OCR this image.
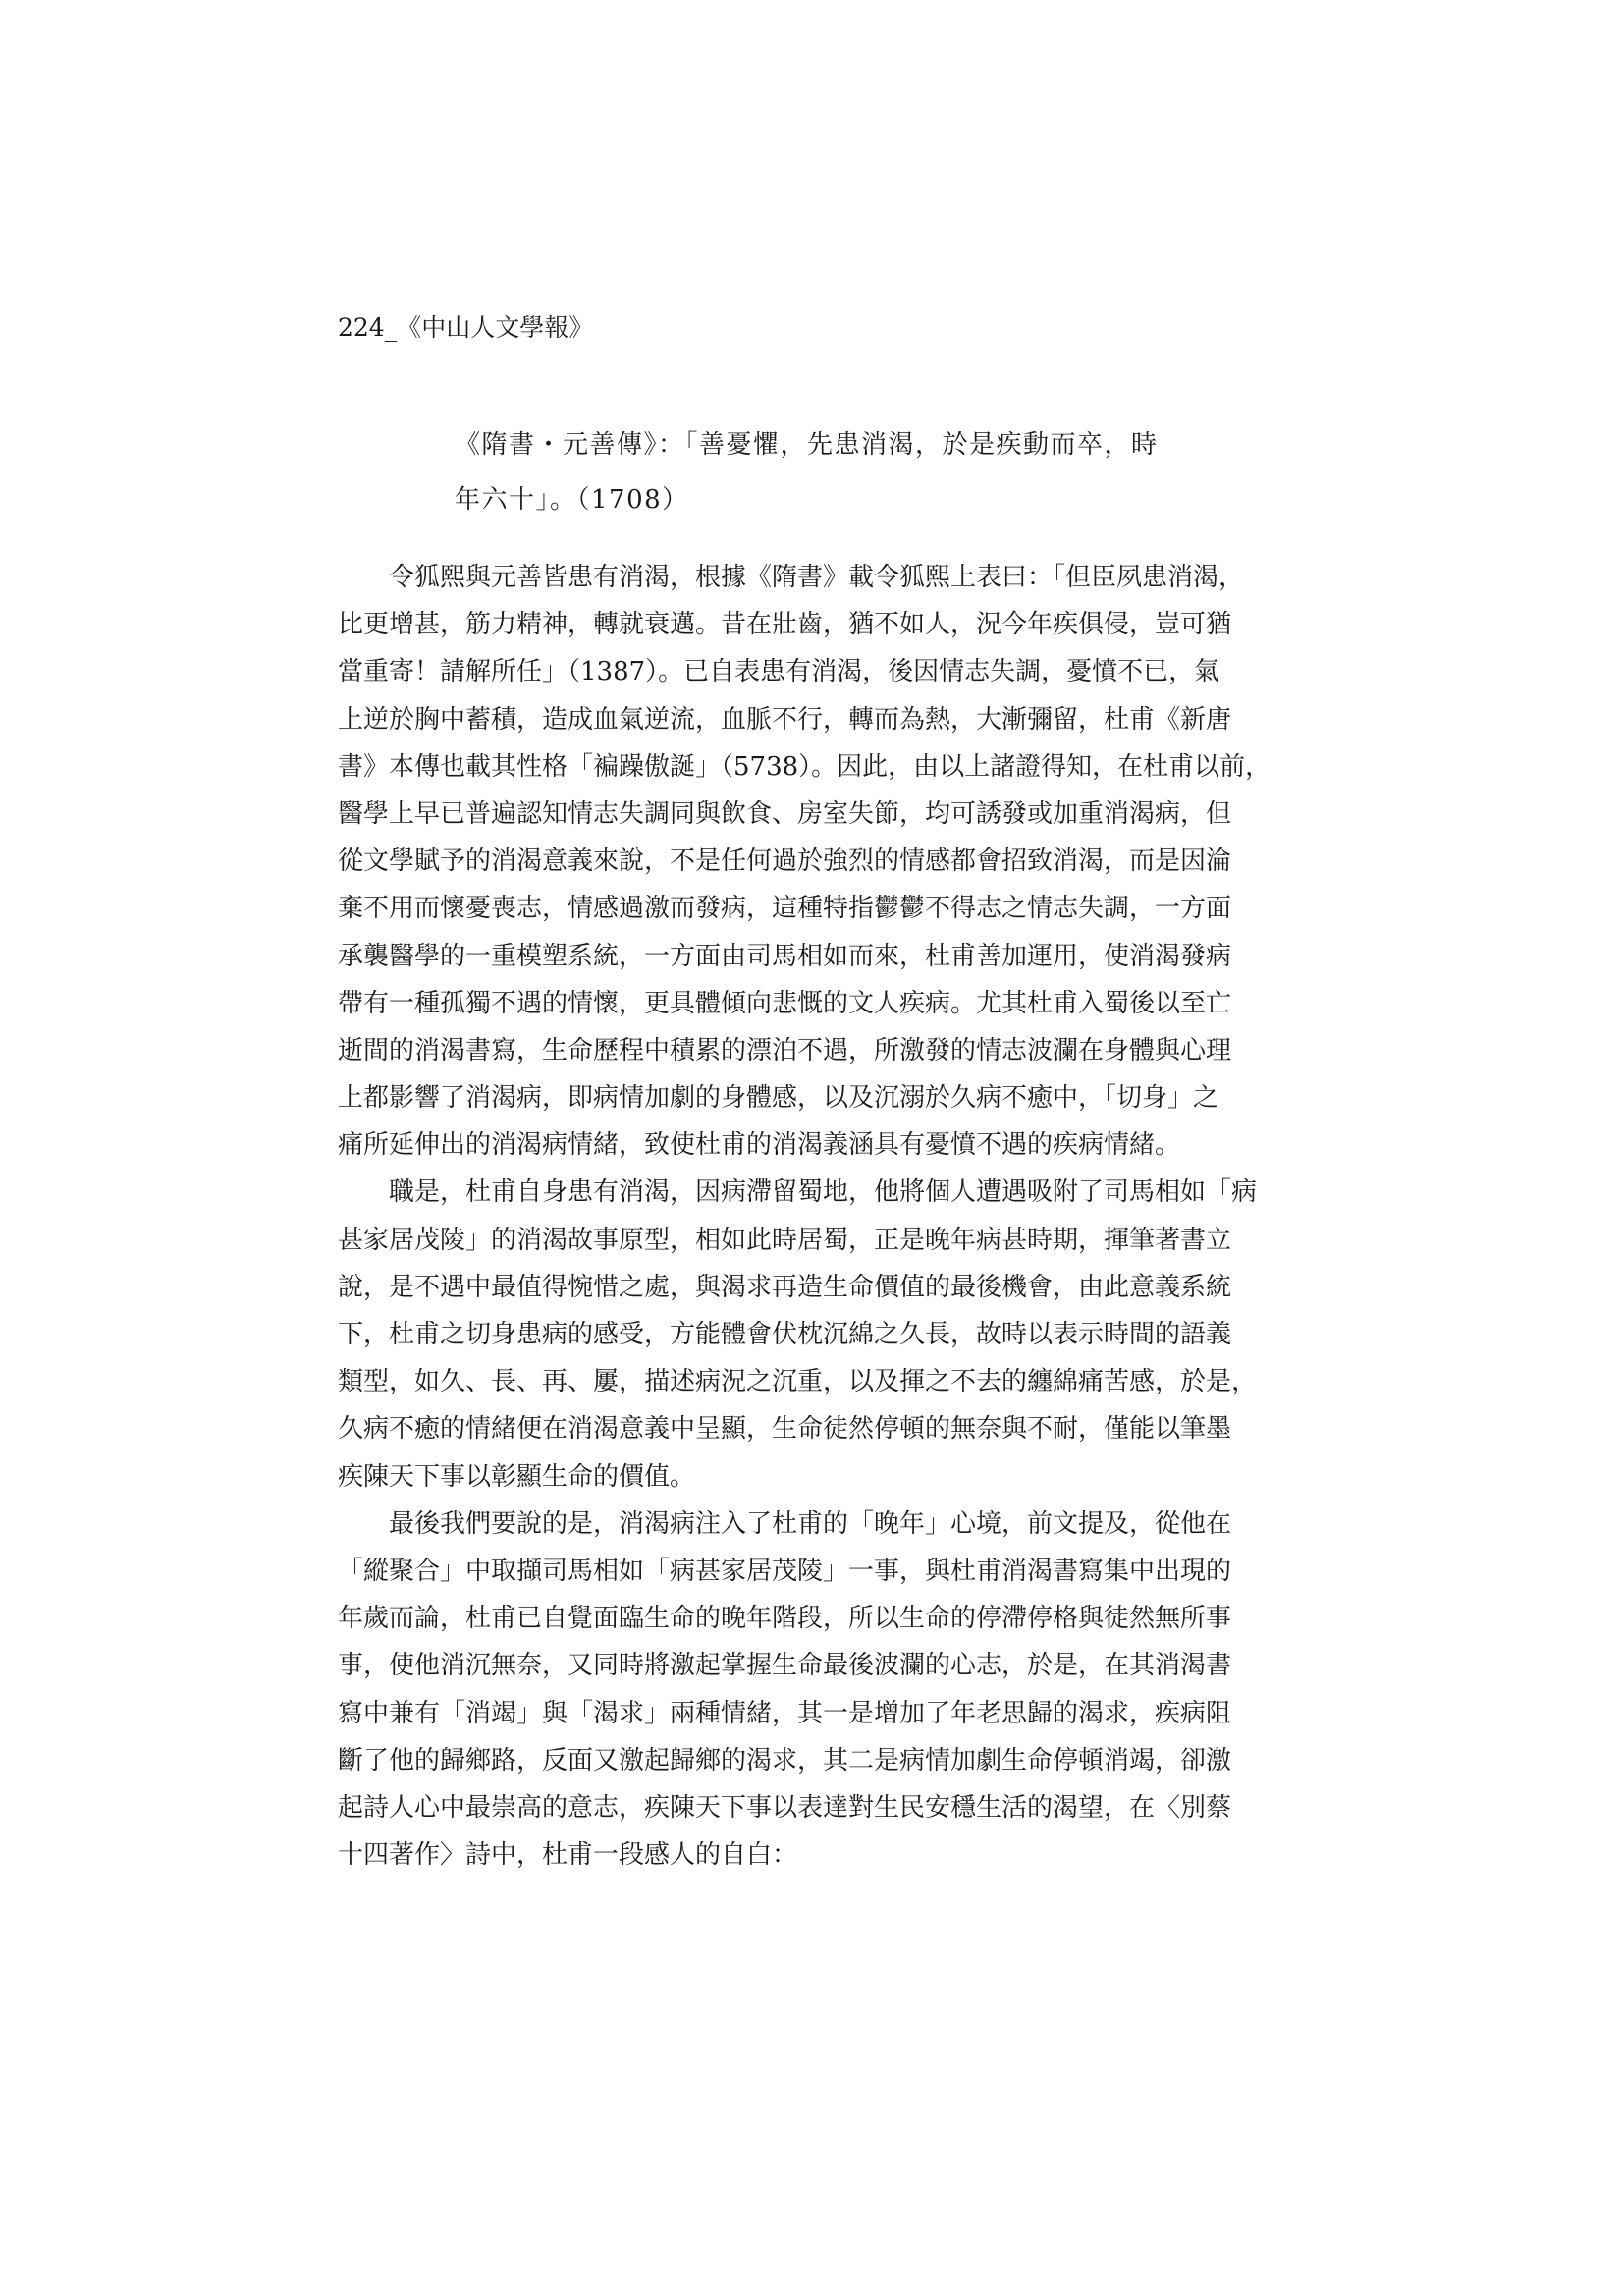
224_《中山人文學報》
《隋書・元善傳》：「善憂懼，先患消渴，於是疾動而卒，時
年六十」。（1708）
　　令狐熙與元善皆患有消渴，根據《隋書》載令狐熙上表曰：「但臣夙患消渴，
比更增甚，筋力精神，轉就衰邁。昔在壯齒，猶不如人，況今年疾俱侵，豈可猶
當重寄！請解所任」（1387）。已自表患有消渴，後因情志失調，憂憤不已，氣
上逆於胸中蓄積，造成血氣逆流，血脈不行，轉而為熱，大漸彌留，杜甫《新唐
書》本傳也載其性格「褊躁傲誕」（5738）。因此，由以上諸證得知，在杜甫以前，
醫學上早已普遍認知情志失調同與飲食、房室失節，均可誘發或加重消渴病，但
從文學賦予的消渴意義來說，不是任何過於強烈的情感都會招致消渴，而是因淪
棄不用而懷憂喪志，情感過激而發病，這種特指鬱鬱不得志之情志失調，一方面
承襲醫學的一重模塑系統，一方面由司馬相如而來，杜甫善加運用，使消渴發病
帶有一種孤獨不遇的情懷，更具體傾向悲慨的文人疾病。尤其杜甫入蜀後以至亡
逝間的消渴書寫，生命歷程中積累的漂泊不遇，所激發的情志波瀾在身體與心理
上都影響了消渴病，即病情加劇的身體感，以及沉溺於久病不癒中，「切身」之
痛所延伸出的消渴病情緒，致使杜甫的消渴義涵具有憂憤不遇的疾病情緒。
　　職是，杜甫自身患有消渴，因病滯留蜀地，他將個人遭遇吸附了司馬相如「病
甚家居茂陵」的消渴故事原型，相如此時居蜀，正是晚年病甚時期，揮筆著書立
說，是不遇中最值得惋惜之處，與渴求再造生命價值的最後機會，由此意義系統
下，杜甫之切身患病的感受，方能體會伏枕沉綿之久長，故時以表示時間的語義
類型，如久、長、再、屢，描述病況之沉重，以及揮之不去的纏綿痛苦感，於是，
久病不癒的情緒便在消渴意義中呈顯，生命徒然停頓的無奈與不耐，僅能以筆墨
疾陳天下事以彰顯生命的價值。
　　最後我們要說的是，消渴病注入了杜甫的「晚年」心境，前文提及，從他在
「縱聚合」中取擷司馬相如「病甚家居茂陵」一事，與杜甫消渴書寫集中出現的
年歲而論，杜甫已自覺面臨生命的晚年階段，所以生命的停滯停格與徒然無所事
事，使他消沉無奈，又同時將激起掌握生命最後波瀾的心志，於是，在其消渴書
寫中兼有「消竭」與「渴求」兩種情緒，其一是增加了年老思歸的渴求，疾病阻
斷了他的歸鄉路，反面又激起歸鄉的渴求，其二是病情加劇生命停頓消竭，卻激
起詩人心中最崇高的意志，疾陳天下事以表達對生民安穩生活的渴望，在〈別蔡
十四著作〉詩中，杜甫一段感人的自白：
